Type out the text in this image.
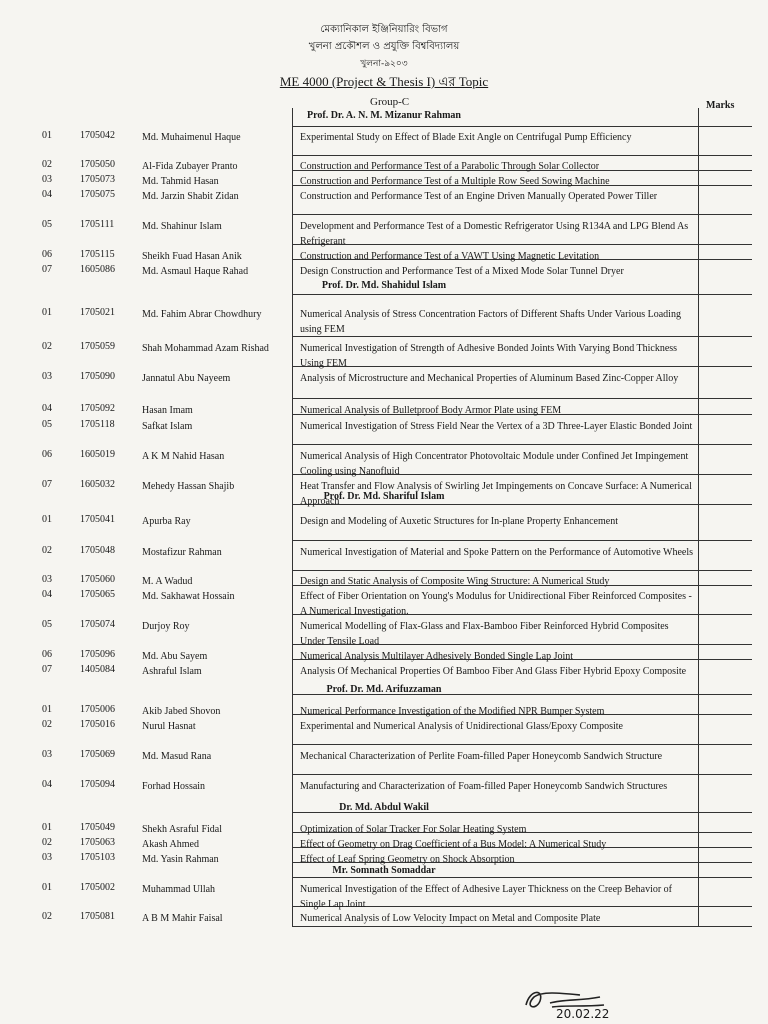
মেক্যানিকাল ইঞ্জিনিয়ারিং বিভাগ
খুলনা প্রকৌশল ও প্রযুক্তি বিশ্ববিদ্যালয়
খুলনা-৯২০৩
ME 4000 (Project & Thesis I) এর Topic
Group-C	Marks
Prof. Dr. A. N. M. Mizanur Rahman
01	1705042	Md. Muhaimenul Haque	Experimental Study on Effect of Blade Exit Angle on Centrifugal Pump Efficiency
02	1705050	Al-Fida Zubayer Pranto	Construction and Performance Test of a Parabolic Through Solar Collector
03	1705073	Md. Tahmid Hasan	Construction and Performance Test of a Multiple Row Seed Sowing Machine
04	1705075	Md. Jarzin Shabit Zidan	Construction and Performance Test of an Engine Driven Manually Operated Power Tiller
05	1705111	Md. Shahinur Islam	Development and Performance Test of a Domestic Refrigerator Using R134A and LPG Blend As Refrigerant
06	1705115	Sheikh Fuad Hasan Anik	Construction and Performance Test of a VAWT Using Magnetic Levitation
07	1605086	Md. Asmaul Haque Rahad	Design Construction and Performance Test of a Mixed Mode Solar Tunnel Dryer
Prof. Dr. Md. Shahidul Islam
01	1705021	Md. Fahim Abrar Chowdhury	Numerical Analysis of Stress Concentration Factors of Different Shafts Under Various Loading using FEM
02	1705059	Shah Mohammad Azam Rishad	Numerical Investigation of Strength of Adhesive Bonded Joints With Varying Bond Thickness Using FEM
03	1705090	Jannatul Abu Nayeem	Analysis of Microstructure and Mechanical Properties of Aluminum Based Zinc-Copper Alloy
04	1705092	Hasan Imam	Numerical Analysis of Bulletproof Body Armor Plate using FEM
05	1705118	Safkat Islam	Numerical Investigation of Stress Field Near the Vertex of a 3D Three-Layer Elastic Bonded Joint
06	1605019	A K M Nahid Hasan	Numerical Analysis of High Concentrator Photovoltaic Module under Confined Jet Impingement Cooling using Nanofluid
07	1605032	Mehedy Hassan Shajib	Heat Transfer and Flow Analysis of Swirling Jet Impingements on Concave Surface: A Numerical Approach
Prof. Dr. Md. Shariful Islam
01	1705041	Apurba Ray	Design and Modeling of Auxetic Structures for In-plane Property Enhancement
02	1705048	Mostafizur Rahman	Numerical Investigation of Material and Spoke Pattern on the Performance of Automotive Wheels
03	1705060	M. A Wadud	Design and Static Analysis of Composite Wing Structure: A Numerical Study
04	1705065	Md. Sakhawat Hossain	Effect of Fiber Orientation on Young's Modulus for Unidirectional Fiber Reinforced Composites - A Numerical Investigation.
05	1705074	Durjoy Roy	Numerical Modelling of Flax-Glass and Flax-Bamboo Fiber Reinforced Hybrid Composites Under Tensile Load
06	1705096	Md. Abu Sayem	Numerical Analysis Multilayer Adhesively Bonded Single Lap Joint
07	1405084	Ashraful Islam	Analysis Of Mechanical Properties Of Bamboo Fiber And Glass Fiber Hybrid Epoxy Composite
Prof. Dr. Md. Arifuzzaman
01	1705006	Akib Jabed Shovon	Numerical Performance Investigation of the Modified NPR Bumper System
02	1705016	Nurul Hasnat	Experimental and Numerical Analysis of Unidirectional Glass/Epoxy Composite
03	1705069	Md. Masud Rana	Mechanical Characterization of Perlite Foam-filled Paper Honeycomb Sandwich Structure
04	1705094	Forhad Hossain	Manufacturing and Characterization of Foam-filled Paper Honeycomb Sandwich Structures
Dr. Md. Abdul Wakil
01	1705049	Shekh Asraful Fidal	Optimization of Solar Tracker For Solar Heating System
02	1705063	Akash Ahmed	Effect of Geometry on Drag Coefficient of a Bus Model: A Numerical Study
03	1705103	Md. Yasin Rahman	Effect of Leaf Spring Geometry on Shock Absorption
Mr. Somnath Somaddar
01	1705002	Muhammad Ullah	Numerical Investigation of the Effect of Adhesive Layer Thickness on the Creep Behavior of Single Lap Joint
02	1705081	A B M Mahir Faisal	Numerical Analysis of Low Velocity Impact on Metal and Composite Plate
20.02.22
